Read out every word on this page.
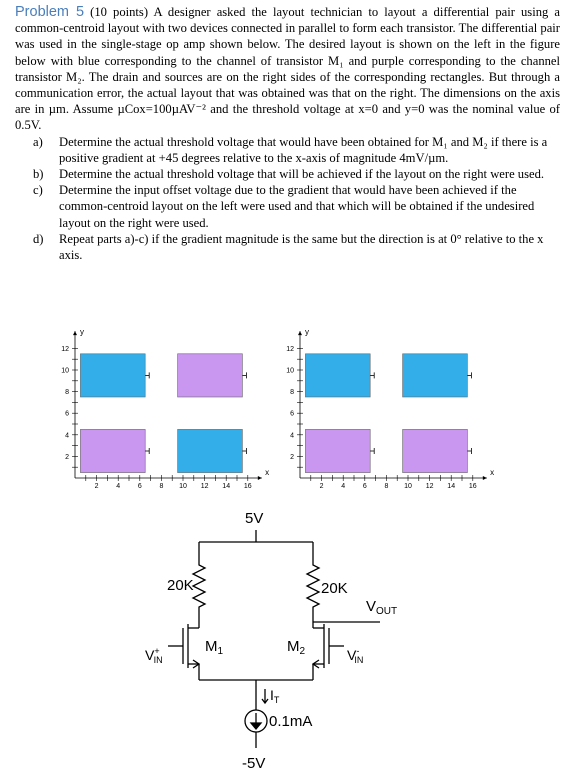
Problem 5 (10 points) A designer asked the layout technician to layout a differential pair using a common-centroid layout with two devices connected in parallel to form each transistor. The differential pair was used in the single-stage op amp shown below. The desired layout is shown on the left in the figure below with blue corresponding to the channel of transistor M₁ and purple corresponding to the channel transistor M₂. The drain and sources are on the right sides of the corresponding rectangles. But through a communication error, the actual layout that was obtained was that on the right. The dimensions on the axis are in µm. Assume µCox=100µAV⁻² and the threshold voltage at x=0 and y=0 was the nominal value of 0.5V.

a) Determine the actual threshold voltage that would have been obtained for M₁ and M₂ if there is a positive gradient at +45 degrees relative to the x-axis of magnitude 4mV/µm.
b) Determine the actual threshold voltage that will be achieved if the layout on the right were used.
c) Determine the input offset voltage due to the gradient that would have been achieved if the common-centroid layout on the left were used and that which will be obtained if the undesired layout on the right were used.
d) Repeat parts a)-c) if the gradient magnitude is the same but the direction is at 0° relative to the x axis.
2	4	6	8 10 12 14 16
2
4
6
8
10
12
x
y
2	4	6	8 10 12 14 16
2
4
6
8
10
12
x
y
5V
20K	20K
$V_{OUT}$
$M_1$
V+ IN
$M_2$	V-IN
$I_T$
0.1mA
-5V
